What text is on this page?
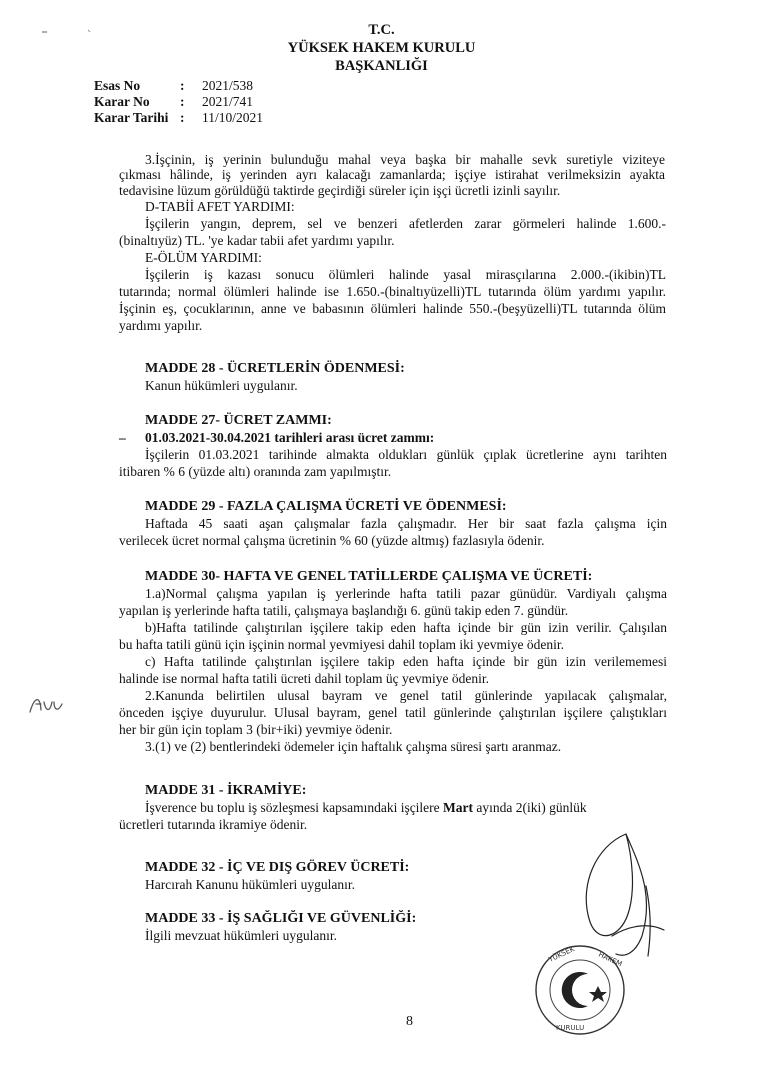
T.C.
YÜKSEK HAKEM KURULU
BAŞKANLIĞI
Esas No	: 2021/538
Karar No : 2021/741
Karar Tarihi : 11/10/2021
3.İşçinin, iş yerinin bulunduğu mahal veya başka bir mahalle sevk suretiyle viziteye
çıkması hâlinde, iş yerinden ayrı kalacağı zamanlarda; işçiye istirahat verilmeksizin ayakta
tedavisine lüzum görüldüğü taktirde geçirdiği süreler için işçi ücretli izinli sayılır.
D-TABİİ AFET YARDIMI:
İşçilerin yangın, deprem, sel ve benzeri afetlerden zarar görmeleri halinde 1.600.-
(binaltıyüz) TL. 'ye kadar tabii afet yardımı yapılır.
E-ÖLÜM YARDIMI:
İşçilerin iş kazası sonucu ölümleri halinde yasal mirasçılarına 2.000.-(ikibin)TL
tutarında; normal ölümleri halinde ise 1.650.-(binaltıyüzelli)TL tutarında ölüm yardımı yapılır.
İşçinin eş, çocuklarının, anne ve babasının ölümleri halinde 550.-(beşyüzelli)TL tutarında ölüm
yardımı yapılır.
MADDE 28 - ÜCRETLERİN ÖDENMESİ:
Kanun hükümleri uygulanır.
MADDE 27- ÜCRET ZAMMI:
– 01.03.2021-30.04.2021 tarihleri arası ücret zammı:
İşçilerin 01.03.2021 tarihinde almakta oldukları günlük çıplak ücretlerine aynı tarihten
itibaren % 6 (yüzde altı) oranında zam yapılmıştır.
MADDE 29 - FAZLA ÇALIŞMA ÜCRETİ VE ÖDENMESİ:
Haftada 45 saati aşan çalışmalar fazla çalışmadır. Her bir saat fazla çalışma için
verilecek ücret normal çalışma ücretinin % 60 (yüzde altmış) fazlasıyla ödenir.
MADDE 30- HAFTA VE GENEL TATİLLERDE ÇALIŞMA VE ÜCRETİ:
1.a)Normal çalışma yapılan iş yerlerinde hafta tatili pazar günüdür. Vardiyalı çalışma
yapılan iş yerlerinde hafta tatili, çalışmaya başlandığı 6. günü takip eden 7. gündür.
b)Hafta tatilinde çalıştırılan işçilere takip eden hafta içinde bir gün izin verilir. Çalışılan
bu hafta tatili günü için işçinin normal yevmiyesi dahil toplam iki yevmiye ödenir.
c) Hafta tatilinde çalıştırılan işçilere takip eden hafta içinde bir gün izin verilememesi
halinde ise normal hafta tatili ücreti dahil toplam üç yevmiye ödenir.
2.Kanunda belirtilen ulusal bayram ve genel tatil günlerinde yapılacak çalışmalar,
önceden işçiye duyurulur. Ulusal bayram, genel tatil günlerinde çalıştırılan işçilere çalıştıkları
her bir gün için toplam 3 (bir+iki) yevmiye ödenir.
3.(1) ve (2) bentlerindeki ödemeler için haftalık çalışma süresi şartı aranmaz.
MADDE 31 - İKRAMİYE:
İşverence bu toplu iş sözleşmesi kapsamındaki işçilere Mart ayında 2(iki) günlük
ücretleri tutarında ikramiye ödenir.
MADDE 32 - İÇ VE DIŞ GÖREV ÜCRETİ:
Harcırah Kanunu hükümleri uygulanır.
MADDE 33 - İŞ SAĞLIĞI VE GÜVENLİĞİ:
İlgili mevzuat hükümleri uygulanır.
8
YÜKSEK	HAKEM
KURULU
